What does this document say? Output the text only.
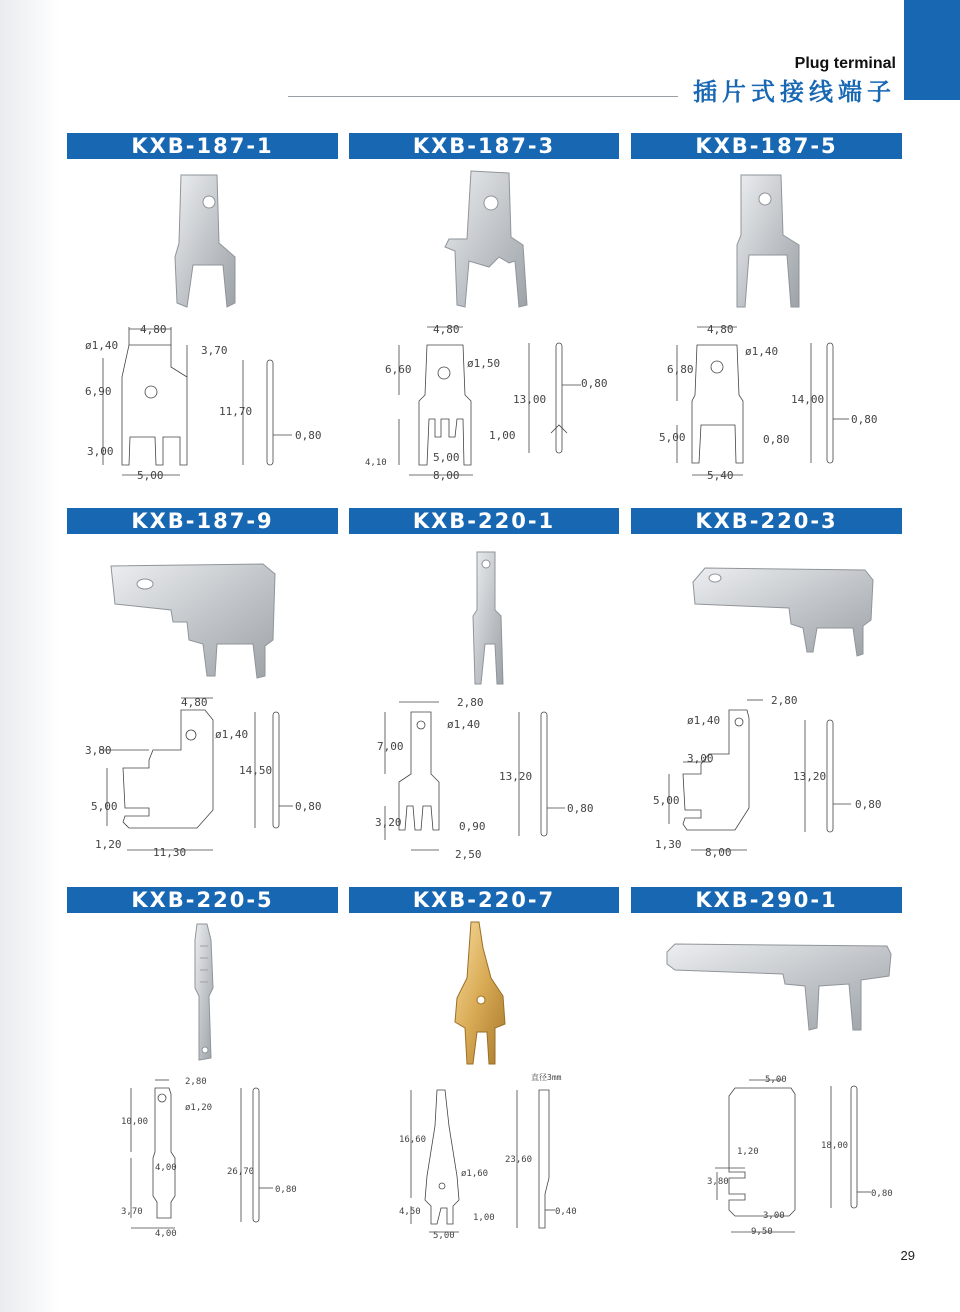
Plug terminal
插片式接线端子
KXB-187-1	KXB-187-3	KXB-187-5
4,80
ø1,40	3,70
6,90
11,70
0,80
3,00
5,00
4,80
6,60	ø1,50
0,80
13,00
1,00
4,10	5,00
8,00
4,80
ø1,40
6,80
14,00
0,80
5,00	0,80
5,40
KXB-187-9	KXB-220-1	KXB-220-3
4,80
ø1,40
3,80
14,50
5,00	0,80
1,20
11,30
2,80
ø1,40
7,00
13,20
0,80
3,20	0,90
2,50
2,80
ø1,40
3,00
13,20
5,00	0,80
1,30
8,00
KXB-220-5	KXB-220-7	KXB-290-1
2,80
ø1,20
10,00
4,00	26,70
0,80
3,70
4,00
直径3mm
16,60
23,60
ø1,60
4,50
1,00
0,40
5,00
5,00
18,00
1,20
3,80
0,80
3,00
9,50
29
